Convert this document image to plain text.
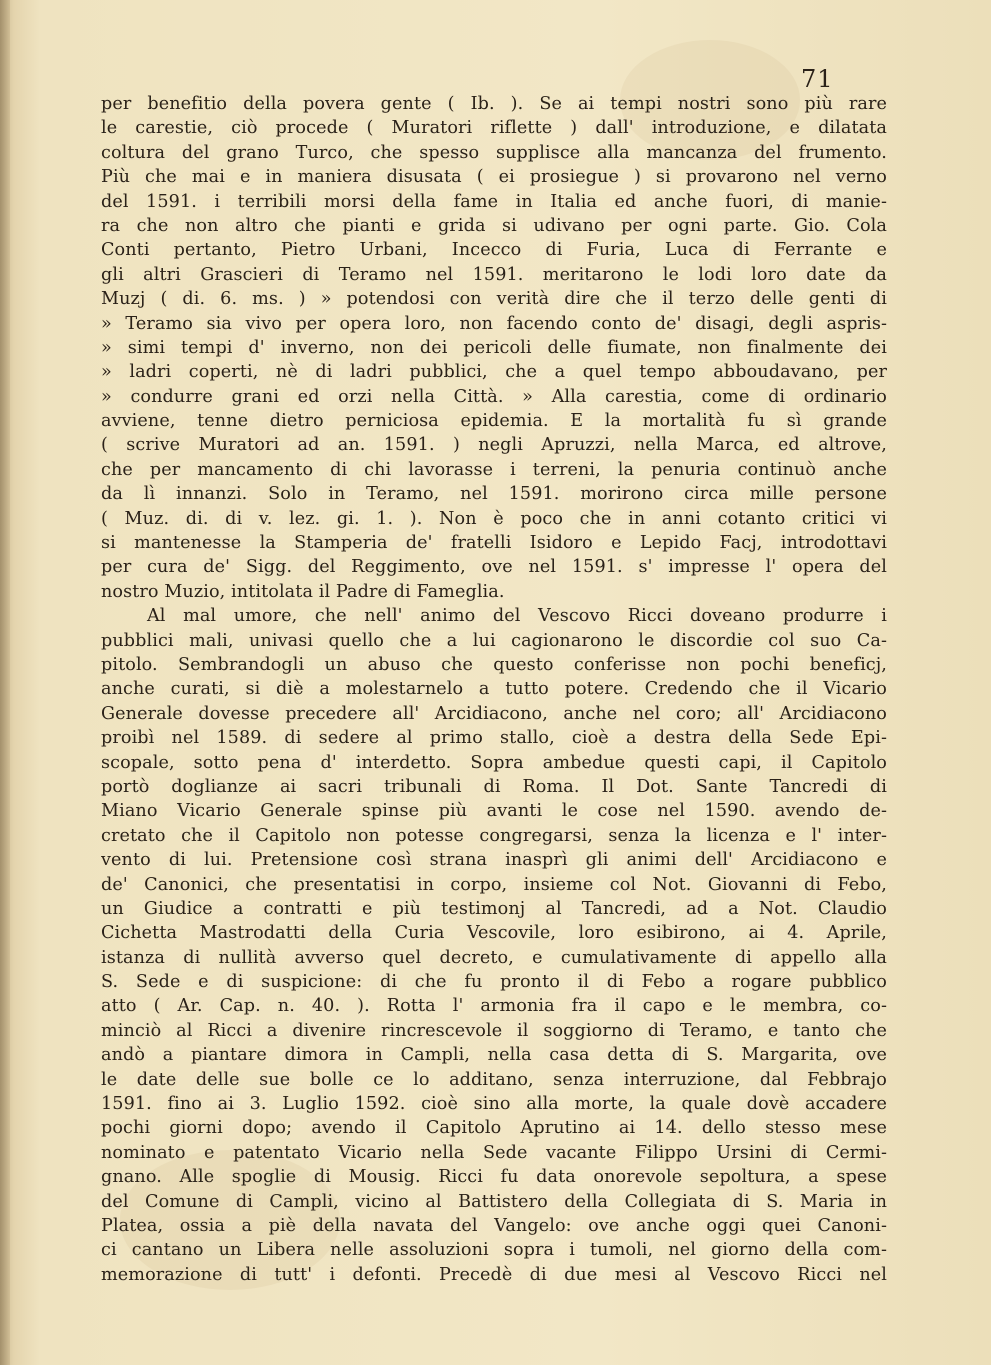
71
per benefitio della povera gente ( Ib. ). Se ai tempi nostri sono più rare
le carestie, ciò procede ( Muratori riflette ) dall' introduzione, e dilatata
coltura del grano Turco, che spesso supplisce alla mancanza del frumento.
Più che mai e in maniera disusata ( ei prosiegue ) si provarono nel verno
del 1591. i terribili morsi della fame in Italia ed anche fuori, di manie-
ra che non altro che pianti e grida si udivano per ogni parte. Gio. Cola
Conti pertanto, Pietro Urbani, Incecco di Furia, Luca di Ferrante e
gli altri Grascieri di Teramo nel 1591. meritarono le lodi loro date da
Muzj ( di. 6. ms. ) » potendosi con verità dire che il terzo delle genti di
» Teramo sia vivo per opera loro, non facendo conto de' disagi, degli aspris-
» simi tempi d' inverno, non dei pericoli delle fiumate, non finalmente dei
» ladri coperti, nè di ladri pubblici, che a quel tempo abboudavano, per
» condurre grani ed orzi nella Città. » Alla carestia, come di ordinario
avviene, tenne dietro perniciosa epidemia. E la mortalità fu sì grande
( scrive Muratori ad an. 1591. ) negli Apruzzi, nella Marca, ed altrove,
che per mancamento di chi lavorasse i terreni, la penuria continuò anche
da lì innanzi. Solo in Teramo, nel 1591. morirono circa mille persone
( Muz. di. di v. lez. gi. 1. ). Non è poco che in anni cotanto critici vi
si mantenesse la Stamperia de' fratelli Isidoro e Lepido Facj, introdottavi
per cura de' Sigg. del Reggimento, ove nel 1591. s' impresse l' opera del
nostro Muzio, intitolata il Padre di Fameglia.
Al mal umore, che nell' animo del Vescovo Ricci doveano produrre i
pubblici mali, univasi quello che a lui cagionarono le discordie col suo Ca-
pitolo. Sembrandogli un abuso che questo conferisse non pochi beneficj,
anche curati, si diè a molestarnelo a tutto potere. Credendo che il Vicario
Generale dovesse precedere all' Arcidiacono, anche nel coro; all' Arcidiacono
proibì nel 1589. di sedere al primo stallo, cioè a destra della Sede Epi-
scopale, sotto pena d' interdetto. Sopra ambedue questi capi, il Capitolo
portò doglianze ai sacri tribunali di Roma. Il Dot. Sante Tancredi di
Miano Vicario Generale spinse più avanti le cose nel 1590. avendo de-
cretato che il Capitolo non potesse congregarsi, senza la licenza e l' inter-
vento di lui. Pretensione così strana inasprì gli animi dell' Arcidiacono e
de' Canonici, che presentatisi in corpo, insieme col Not. Giovanni di Febo,
un Giudice a contratti e più testimonj al Tancredi, ad a Not. Claudio
Cichetta Mastrodatti della Curia Vescovile, loro esibirono, ai 4. Aprile,
istanza di nullità avverso quel decreto, e cumulativamente di appello alla
S. Sede e di suspicione: di che fu pronto il di Febo a rogare pubblico
atto ( Ar. Cap. n. 40. ). Rotta l' armonia fra il capo e le membra, co-
minciò al Ricci a divenire rincrescevole il soggiorno di Teramo, e tanto che
andò a piantare dimora in Campli, nella casa detta di S. Margarita, ove
le date delle sue bolle ce lo additano, senza interruzione, dal Febbrajo
1591. fino ai 3. Luglio 1592. cioè sino alla morte, la quale dovè accadere
pochi giorni dopo; avendo il Capitolo Aprutino ai 14. dello stesso mese
nominato e patentato Vicario nella Sede vacante Filippo Ursini di Cermi-
gnano. Alle spoglie di Mousig. Ricci fu data onorevole sepoltura, a spese
del Comune di Campli, vicino al Battistero della Collegiata di S. Maria in
Platea, ossia a piè della navata del Vangelo: ove anche oggi quei Canoni-
ci cantano un Libera nelle assoluzioni sopra i tumoli, nel giorno della com-
memorazione di tutt' i defonti. Precedè di due mesi al Vescovo Ricci nel
